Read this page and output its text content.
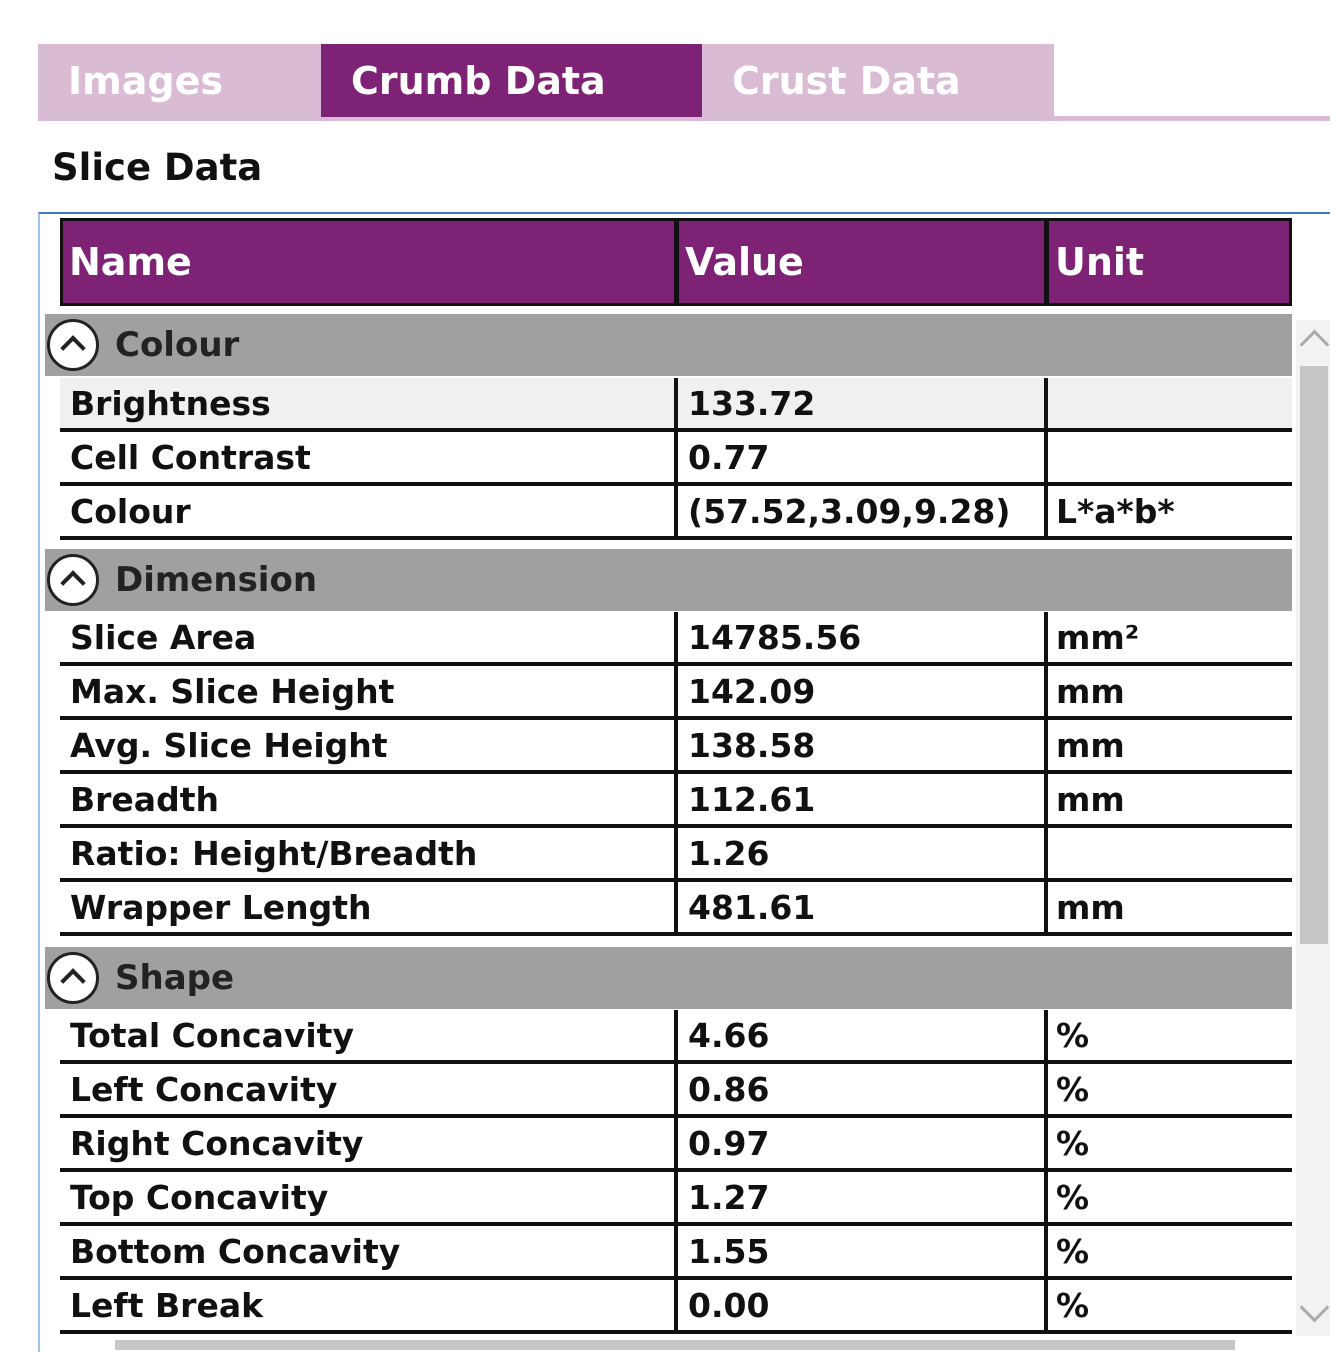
Images	Crumb Data	Crust Data
Slice Data
Name	Value	Unit
Colour
Brightness	133.72
Cell Contrast	0.77
Colour	(57.52,3.09,9.28) L*a*b*
Dimension
Slice Area	14785.56	mm²
Max. Slice Height	142.09	mm
Avg. Slice Height	138.58	mm
Breadth	112.61	mm
Ratio: Height/Breadth	1.26
Wrapper Length	481.61	mm
Shape
Total Concavity	4.66	%
Left Concavity	0.86	%
Right Concavity	0.97	%
Top Concavity	1.27	%
Bottom Concavity	1.55	%
Left Break	0.00	%
